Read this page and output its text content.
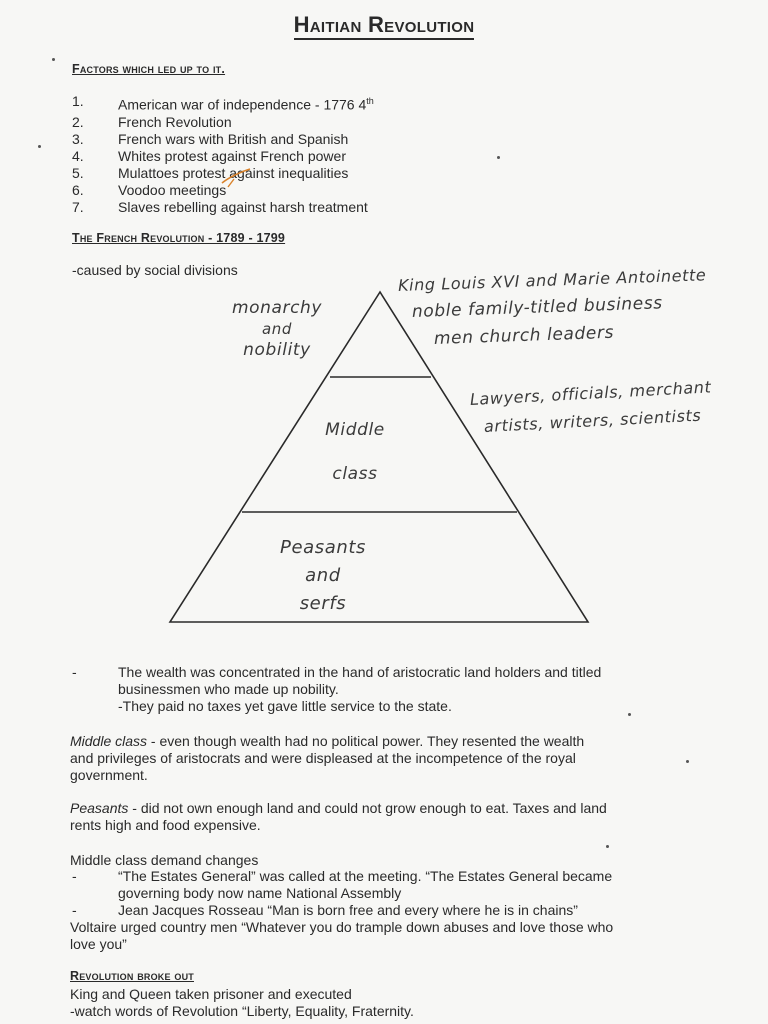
Haitian Revolution
Factors which led up to it.
1.	American war of independence - 1776 4th
2.	French Revolution
3.	French wars with British and Spanish
4.	Whites protest against French power
5.	Mulattoes protest against inequalities
6.	Voodoo meetings
7.	Slaves rebelling against harsh treatment
The French Revolution - 1789 - 1799
-caused by social divisions
monarchy
and
nobility
King Louis XVI and Marie Antoinette
noble family-titled business
men church leaders
Middle
class
Lawyers, officials, merchant
artists, writers, scientists
Peasants
and
serfs
-	The wealth was concentrated in the hand of aristocratic land holders and titled
businessmen who made up nobility.
-They paid no taxes yet gave little service to the state.
Middle class - even though wealth had no political power. They resented the wealth
and privileges of aristocrats and were displeased at the incompetence of the royal
government.
Peasants - did not own enough land and could not grow enough to eat. Taxes and land
rents high and food expensive.
Middle class demand changes
-	“The Estates General” was called at the meeting. “The Estates General became
governing body now name National Assembly
-	Jean Jacques Rosseau “Man is born free and every where he is in chains”
Voltaire urged country men “Whatever you do trample down abuses and love those who
love you”
Revolution broke out
King and Queen taken prisoner and executed
-watch words of Revolution “Liberty, Equality, Fraternity.
